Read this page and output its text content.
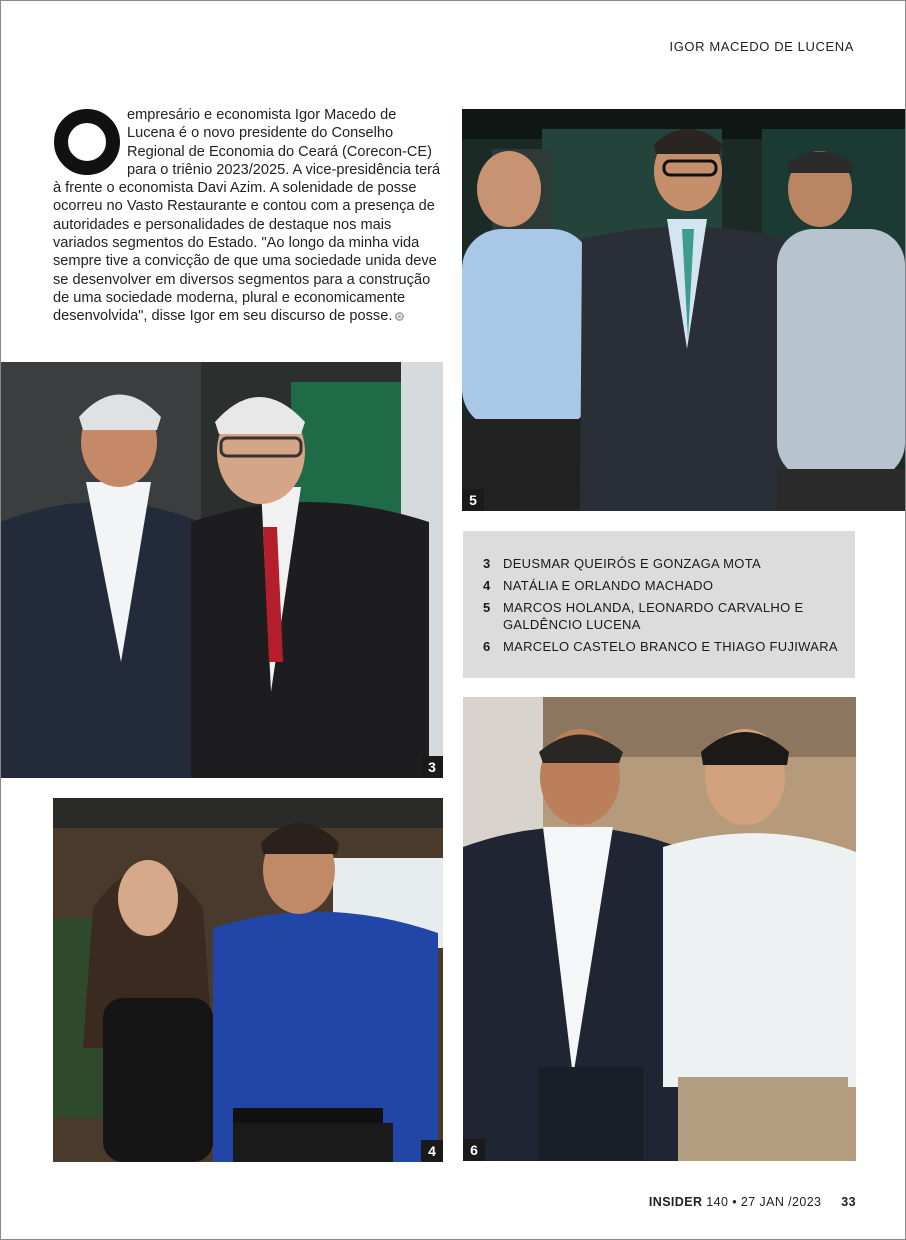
IGOR MACEDO DE LUCENA
empresário e economista Igor Macedo de Lucena é o novo presidente do Conselho Regional de Economia do Ceará (Corecon-CE) para o triênio 2023/2025. A vice-presidência terá à frente o economista Davi Azim. A solenidade de posse ocorreu no Vasto Restaurante e contou com a presença de autoridades e personalidades de destaque nos mais variados segmentos do Estado. "Ao longo da minha vida sempre tive a convicção de que uma sociedade unida deve se desenvolver em diversos segmentos para a construção de uma sociedade moderna, plural e economicamente desenvolvida", disse Igor em seu discurso de posse.
5
3
3 DEUSMAR QUEIRÓS E GONZAGA MOTA
4 NATÁLIA E ORLANDO MACHADO
5 MARCOS HOLANDA, LEONARDO CARVALHO E GALDÊNCIO LUCENA
6 MARCELO CASTELO BRANCO E THIAGO FUJIWARA
6
4
INSIDER 140 • 27 JAN /2023 33
